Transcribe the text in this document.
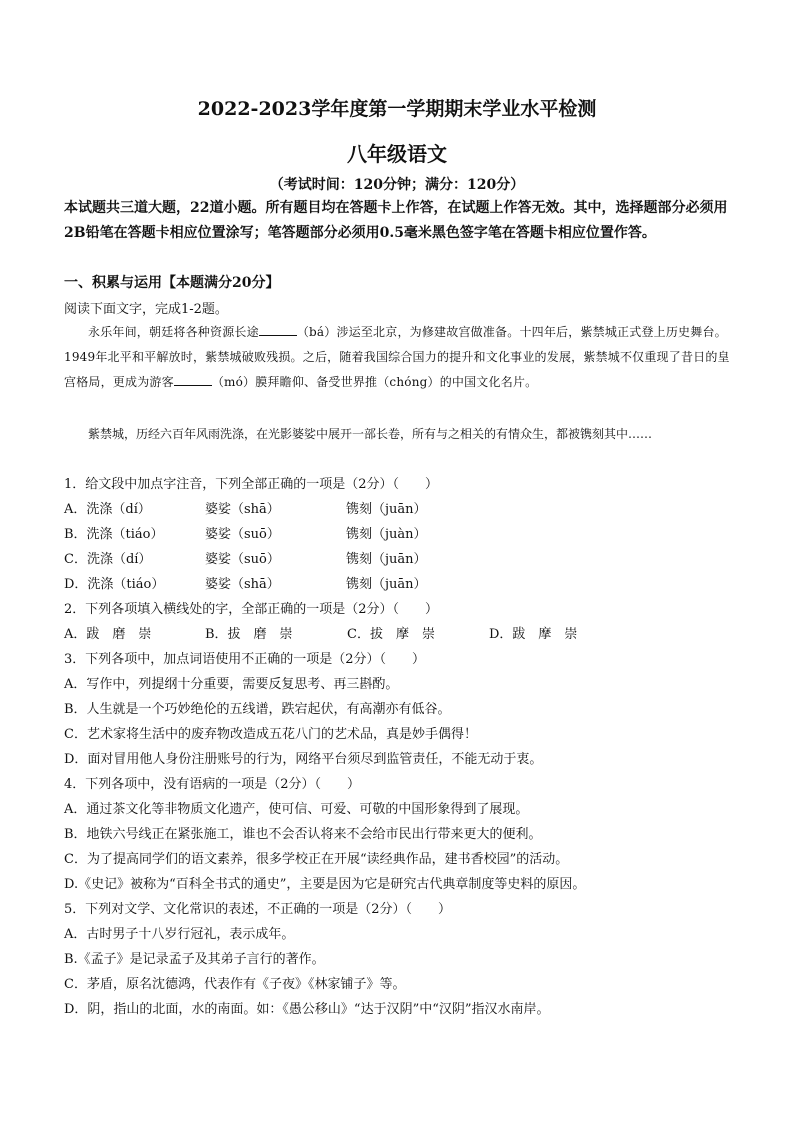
2022-2023学年度第一学期期末学业水平检测
八年级语文
（考试时间：120分钟；满分：120分）
本试题共三道大题，22道小题。所有题目均在答题卡上作答，在试题上作答无效。其中，选择题部分必须用2B铅笔在答题卡相应位置涂写；笔答题部分必须用0.5毫米黑色签字笔在答题卡相应位置作答。
一、积累与运用【本题满分20分】
阅读下面文字，完成1-2题。
永乐年间，朝廷将各种资源长途	（bá）涉运至北京，为修建故宫做准备。十四年后，紫禁城正式登上历史舞台。1949年北平和平解放时，紫禁城破败残损。之后，随着我国综合国力的提升和文化事业的发展，紫禁城不仅重现了昔日的皇宫格局，更成为游客	（mó）膜拜瞻仰、备受世界推（chóng）的中国文化名片。
紫禁城，历经六百年风雨洗涤，在光影婆娑中展开一部长卷，所有与之相关的有情众生，都被镌刻其中……
1．给文段中加点字注音，下列全部正确的一项是（2分）（　　）
A．洗涤（dí）	婆娑（shā）	镌刻（juān）
B．洗涤（tiáo）	婆娑（suō）	镌刻（juàn）
C．洗涤（dí）	婆娑（suō）	镌刻（juān）
D．洗涤（tiáo）	婆娑（shā）	镌刻（juān）
2．下列各项填入横线处的字，全部正确的一项是（2分）（　　）
A．跋　磨　崇	B．拔　磨　崇	C．拔　摩　崇	D．跋　摩　崇
3．下列各项中，加点词语使用不正确的一项是（2分）（　　）
A．写作中，列提纲十分重要，需要反复思考、再三斟酌。
B．人生就是一个巧妙绝伦的五线谱，跌宕起伏，有高潮亦有低谷。
C．艺术家将生活中的废弃物改造成五花八门的艺术品，真是妙手偶得！
D．面对冒用他人身份注册账号的行为，网络平台须尽到监管责任，不能无动于衷。
4．下列各项中，没有语病的一项是（2分）（　　）
A．通过茶文化等非物质文化遗产，使可信、可爱、可敬的中国形象得到了展现。
B．地铁六号线正在紧张施工，谁也不会否认将来不会给市民出行带来更大的便利。
C．为了提高同学们的语文素养，很多学校正在开展“读经典作品，建书香校园”的活动。
D.《史记》被称为“百科全书式的通史”，主要是因为它是研究古代典章制度等史料的原因。
5．下列对文学、文化常识的表述，不正确的一项是（2分）（　　）
A．古时男子十八岁行冠礼，表示成年。
B.《孟子》是记录孟子及其弟子言行的著作。
C．茅盾，原名沈德鸿，代表作有《子夜》《林家铺子》等。
D．阴，指山的北面，水的南面。如：《愚公移山》“达于汉阴”中“汉阴”指汉水南岸。
